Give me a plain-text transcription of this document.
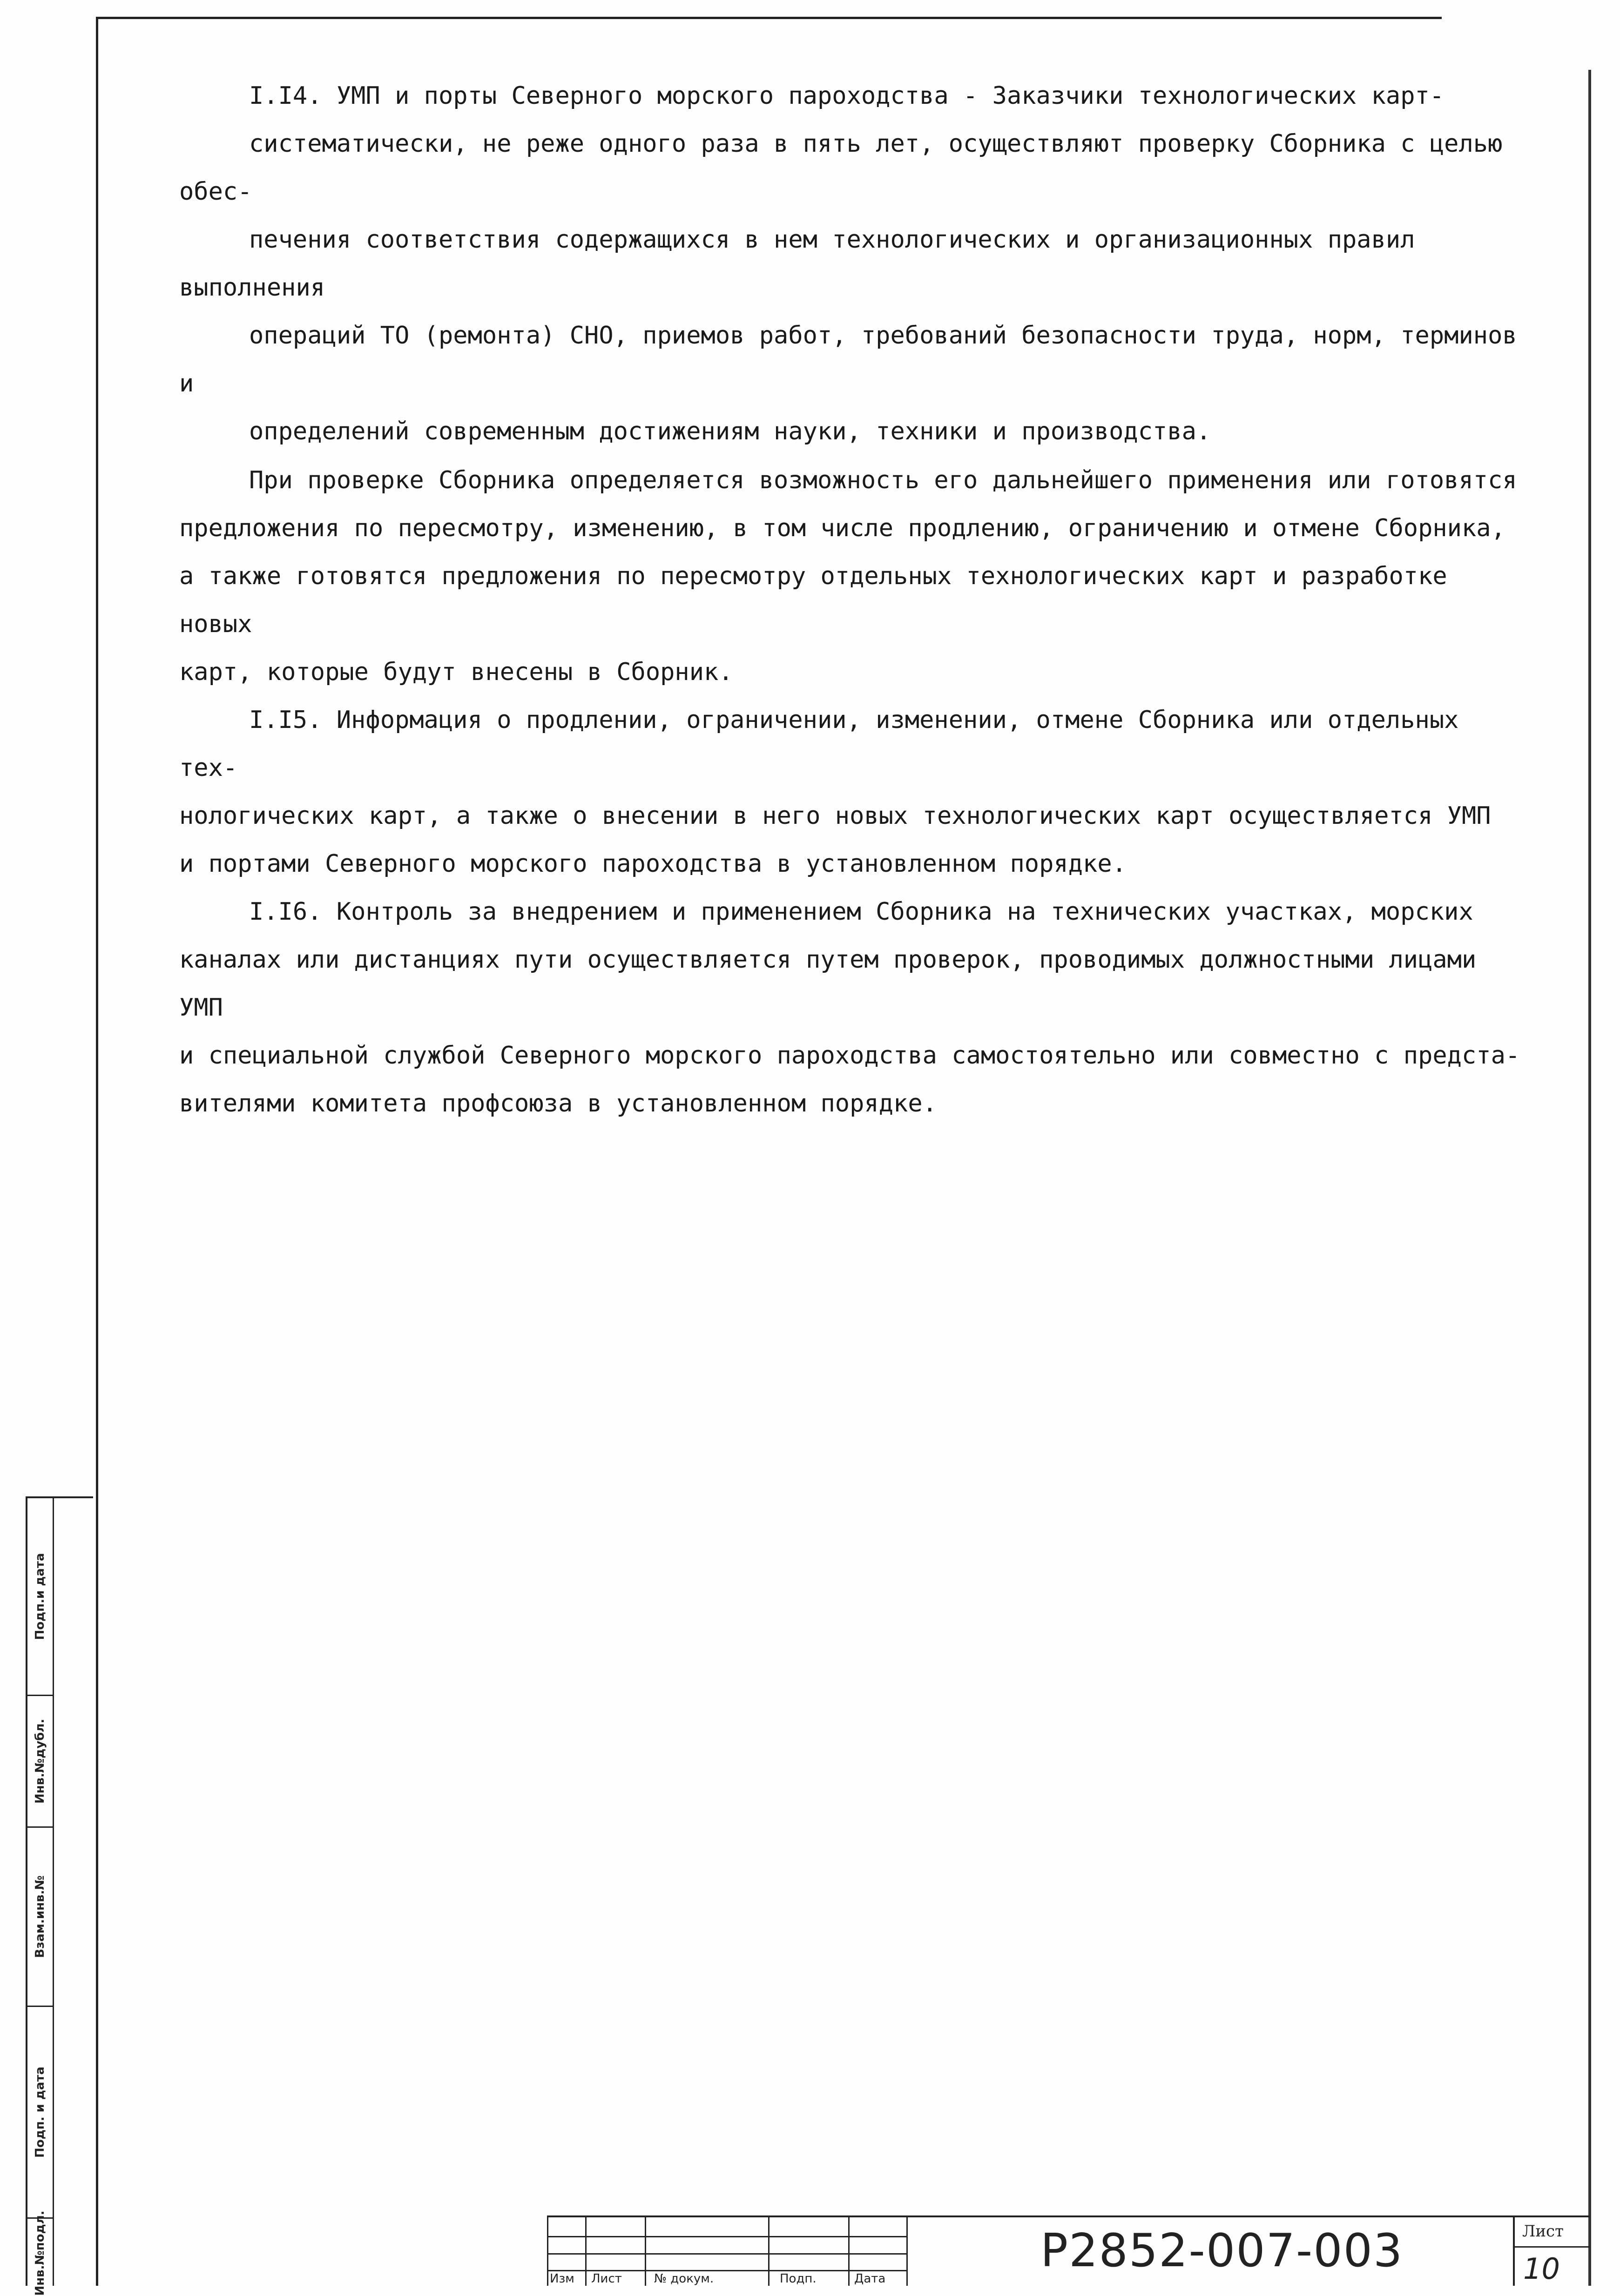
I.I4. УМП и порты Северного морского пароходства - Заказчики технологических карт-
систематически, не реже одного раза в пять лет, осуществляют проверку Сборника с целью обес-
печения соответствия содержащихся в нем технологических и организационных правил выполнения
операций ТО (ремонта) СНО, приемов работ, требований безопасности труда, норм, терминов и
определений современным достижениям науки, техники и производства.
При проверке Сборника определяется возможность его дальнейшего применения или готовятся
предложения по пересмотру, изменению, в том числе продлению, ограничению и отмене Сборника,
а также готовятся предложения по пересмотру отдельных технологических карт и разработке новых
карт, которые будут внесены в Сборник.
I.I5. Информация о продлении, ограничении, изменении, отмене Сборника или отдельных тех-
нологических карт, а также о внесении в него новых технологических карт осуществляется УМП
и портами Северного морского пароходства в установленном порядке.
I.I6. Контроль за внедрением и применением Сборника на технических участках, морских
каналах или дистанциях пути осуществляется путем проверок, проводимых должностными лицами УМП
и специальной службой Северного морского пароходства самостоятельно или совместно с предста-
вителями комитета профсоюза в установленном порядке.
Подп.и дата
Инв.№дубл.
Взам.инв.№
Подп. и дата
Инв.№подл.	Изм Лист	№ докум.	Подп.	Дата
Р2852-007-003	Лист
10
